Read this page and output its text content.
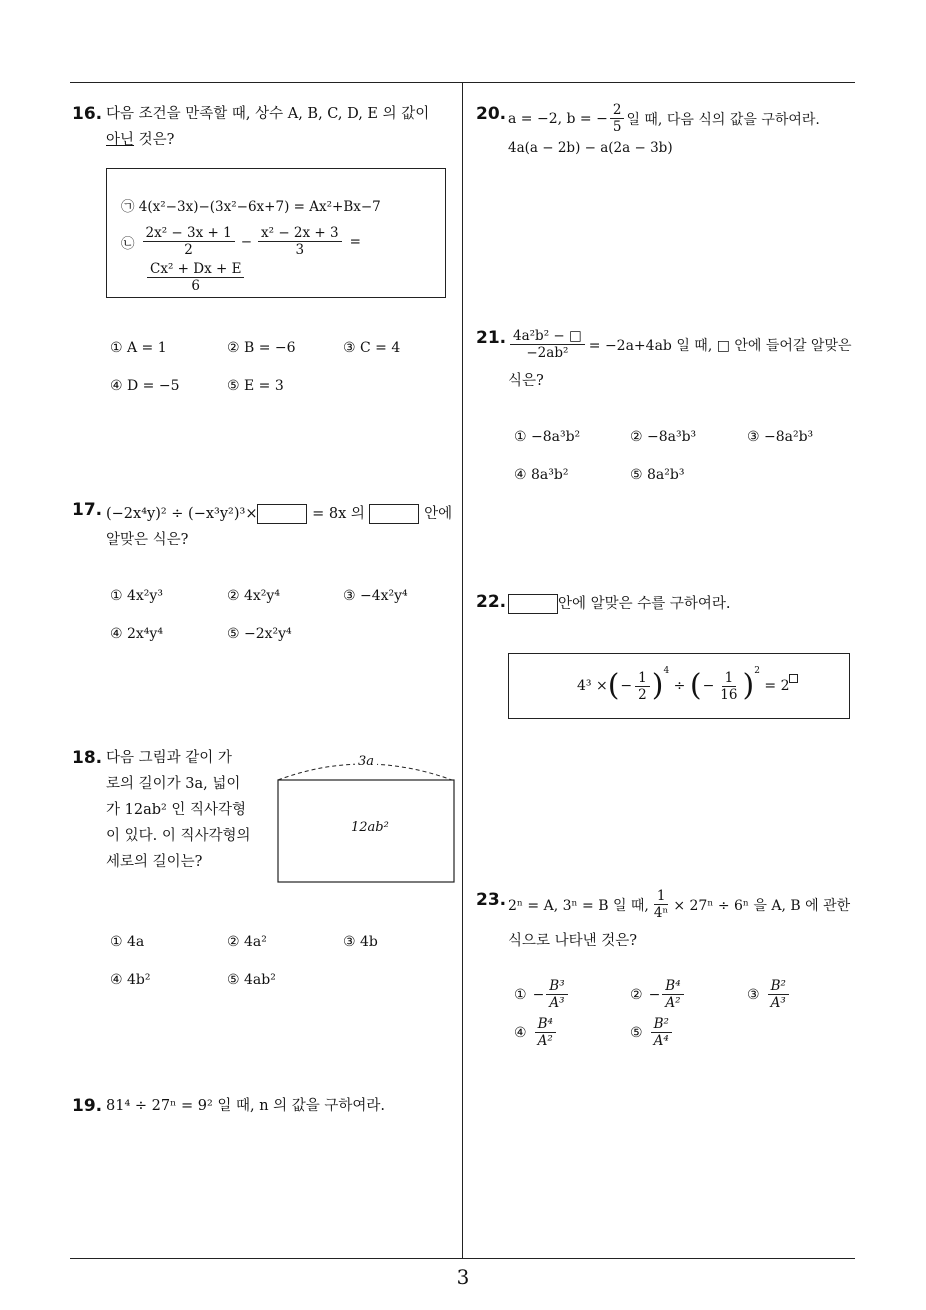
3
16. 다음 조건을 만족할 때, 상수 A, B, C, D, E 의 값이
아닌 것은?
㉠ 4(x²−3x)−(3x²−6x+7) = Ax²+Bx−7
㉡ $\frac{\text{2x² − 3x + 1}}{2} - \frac{\text{x² − 2x + 3}}{3}$ =
$\frac{\text{Cx² + Dx + E}}{6}$
① A = 1	② B = −6	③ C = 4
④ D = −5	⑤ E = 3
17. (−2x⁴y)² ÷ (−x³y²)³×	= 8x 의	안에
알맞은 식은?
① 4x²y³	② 4x²y⁴	③ −4x²y⁴
④ 2x⁴y⁴	⑤ −2x²y⁴
18. 다음 그림과 같이 가
로의 길이가 3a, 넓이
가 12ab² 인 직사각형
이 있다. 이 직사각형의
세로의 길이는?
3a
12ab²
① 4a	② 4a²	③ 4b
④ 4b²	⑤ 4ab²
19. 81⁴ ÷ 27ⁿ = 9² 일 때, n 의 값을 구하여라.
20. a = −2, b = − $\frac{2}{5}$ 일 때, 다음 식의 값을 구하여라.
4a(a − 2b) − a(2a − 3b)
21. $\frac{\text{4a²b² − □}}{\text{−2ab²}} = -2a+4ab$ 일 때, □ 안에 들어갈 알맞은
식은?
① −8a³b²	② −8a³b³	③ −8a²b³
④ 8a³b²	⑤ 8a²b³
22.	안에 알맞은 수를 구하여라.
4³ × ( − $\frac{1}{2} )^4$
÷ ( − $\frac{1}{16} )^2$
= 2
23. 2ⁿ = A, 3ⁿ = B 일 때, $\frac{1}{\text{4ⁿ}} \times 27^n \div 6^n$ 을 A, B 에 관한
식으로 나타낸 것은?
① − $\frac{\text{B³}}{\text{A³}}$	② − $\frac{\text{B⁴}}{\text{A²}}$	③ $\frac{\text{B²}}{\text{A³}}$
④ $\frac{\text{B⁴}}{\text{A²}}$	⑤ $\frac{\text{B²}}{\text{A⁴}}$
